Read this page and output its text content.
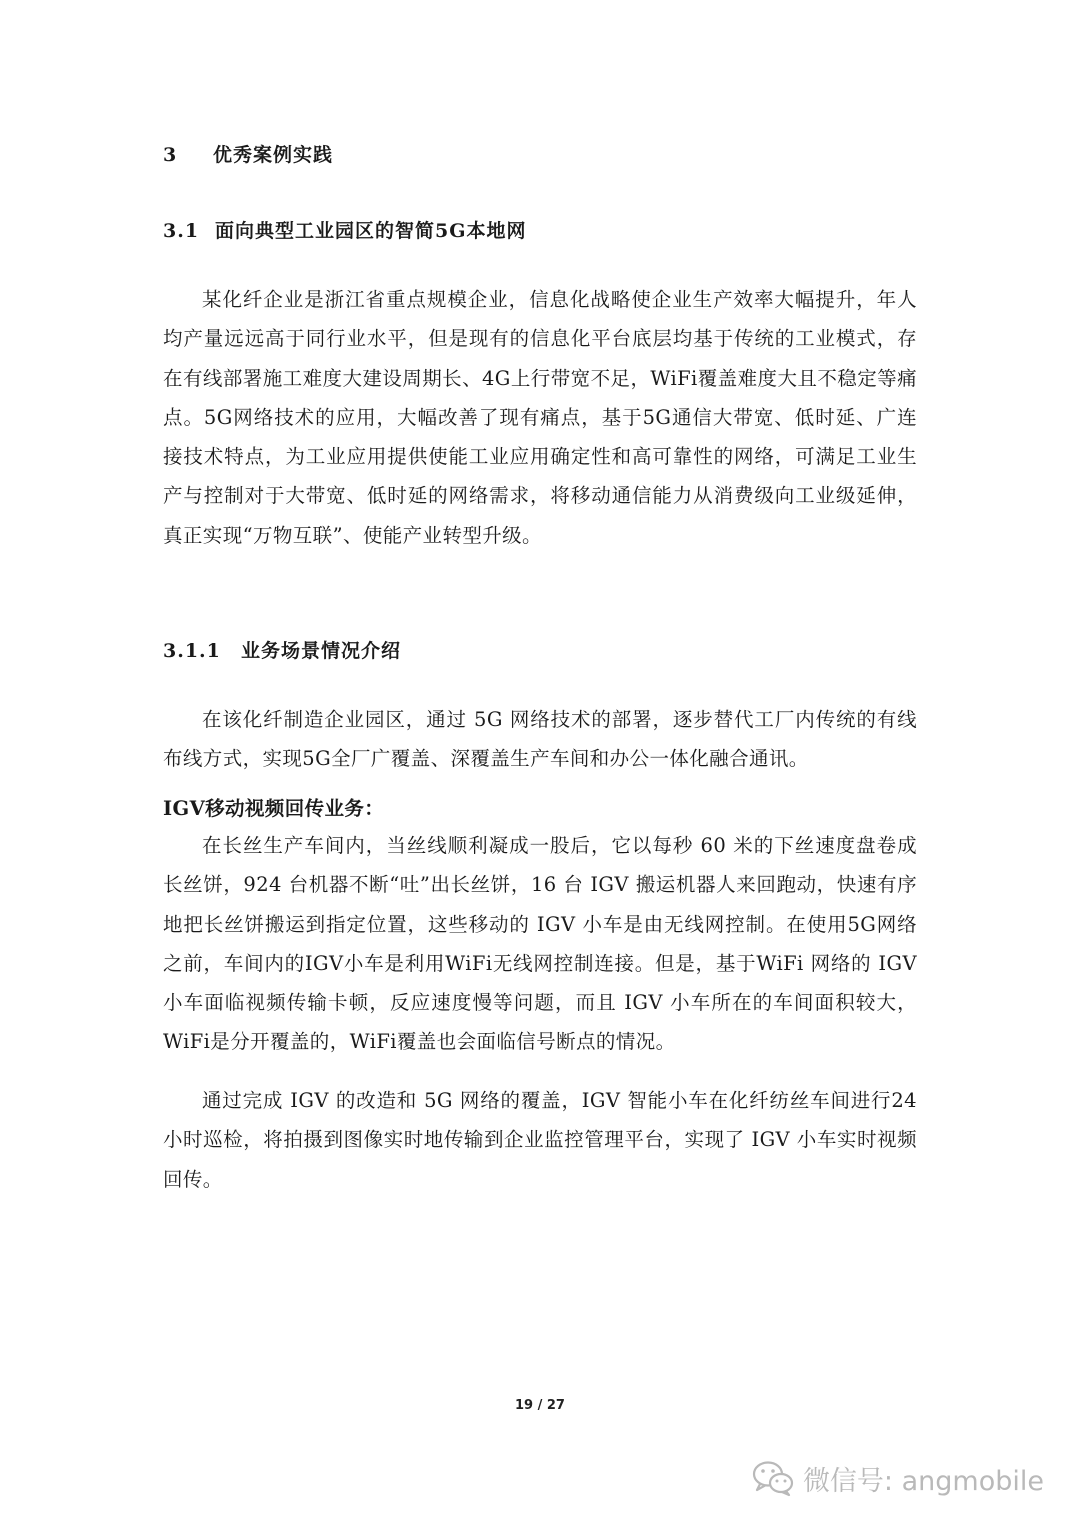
3 优秀案例实践
3.1 面向典型工业园区的智简5G本地网
某化纤企业是浙江省重点规模企业，信息化战略使企业生产效率大幅提升，年人均产量远远高于同行业水平，但是现有的信息化平台底层均基于传统的工业模式，存在有线部署施工难度大建设周期长、4G上行带宽不足，WiFi覆盖难度大且不稳定等痛点。5G网络技术的应用，大幅改善了现有痛点，基于5G通信大带宽、低时延、广连接技术特点，为工业应用提供使能工业应用确定性和高可靠性的网络，可满足工业生产与控制对于大带宽、低时延的网络需求，将移动通信能力从消费级向工业级延伸，真正实现“万物互联”、使能产业转型升级。
3.1.1 业务场景情况介绍
在该化纤制造企业园区，通过 5G 网络技术的部署，逐步替代工厂内传统的有线布线方式，实现5G全厂广覆盖、深覆盖生产车间和办公一体化融合通讯。
IGV移动视频回传业务：
在长丝生产车间内，当丝线顺利凝成一股后，它以每秒 60 米的下丝速度盘卷成长丝饼，924 台机器不断“吐”出长丝饼，16 台 IGV 搬运机器人来回跑动，快速有序地把长丝饼搬运到指定位置，这些移动的 IGV 小车是由无线网控制。在使用5G网络之前，车间内的IGV小车是利用WiFi无线网控制连接。但是，基于WiFi 网络的 IGV 小车面临视频传输卡顿，反应速度慢等问题，而且 IGV 小车所在的车间面积较大，WiFi是分开覆盖的，WiFi覆盖也会面临信号断点的情况。
通过完成 IGV 的改造和 5G 网络的覆盖，IGV 智能小车在化纤纺丝车间进行24 小时巡检，将拍摄到图像实时地传输到企业监控管理平台，实现了 IGV 小车实时视频回传。
19 / 27
微信号: angmobile
